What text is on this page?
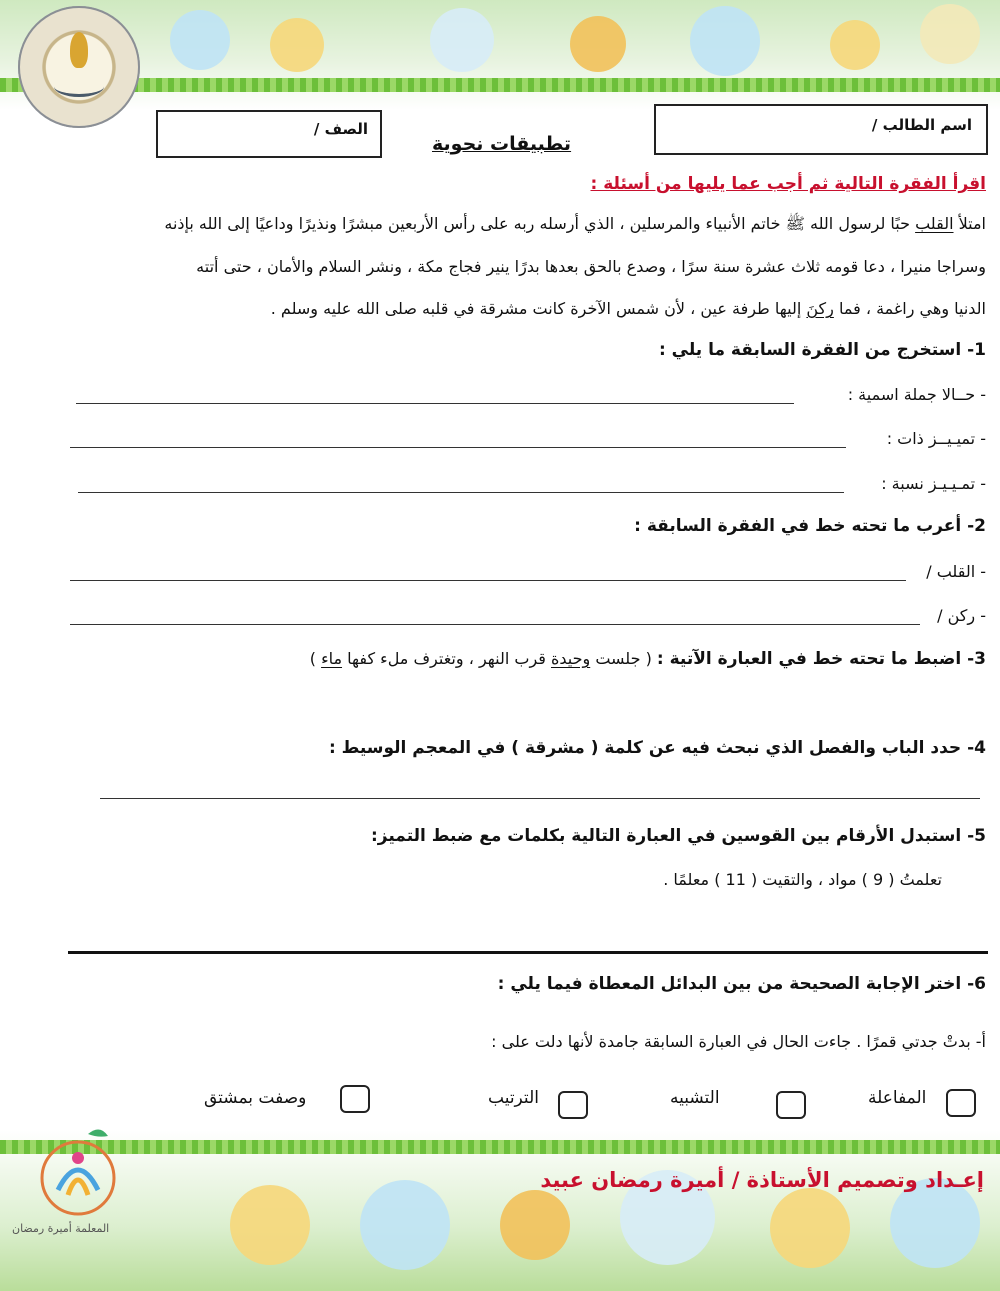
اسم الطالب /
الصف /
تطبيقات نحوية
اقرأ الفقرة التالية ثم أجب عما يليها من أسئلة :
امتلأ القلب حبًا لرسول الله ﷺ خاتم الأنبياء والمرسلين ، الذي أرسله ربه على رأس الأربعين مبشرًا ونذيرًا وداعيًا إلى الله بإذنه
وسراجا منيرا ، دعا قومه ثلاث عشرة سنة سرًا ، وصدع بالحق بعدها بدرًا ينير فجاج مكة ، ونشر السلام والأمان ، حتى أتته
الدنيا وهي راغمة ، فما ركنَ إليها طرفة عين ، لأن شمس الآخرة كانت مشرقة في قلبه صلى الله عليه وسلم .
1- استخرج من الفقرة السابقة ما يلي :
- حــالا جملة اسمية :
- تميـيــز ذات :
- تمـيـيـز نسبة :
2- أعرب ما تحته خط في الفقرة السابقة :
- القلب /
- ركن /
3- اضبط ما تحته خط في العبارة الآتية : ( جلست وحيدة قرب النهر ، وتغترف ملء كفها ماء )
4- حدد الباب والفصل الذي نبحث فيه عن كلمة ( مشرقة ) في المعجم الوسيط :
5- استبدل الأرقام بين القوسين في العبارة التالية بكلمات مع ضبط التميز:
تعلمتُ ( 9 ) مواد ، والتقيت ( 11 ) معلمًا .
6- اختر الإجابة الصحيحة من بين البدائل المعطاة فيما يلي :
أ- بدتْ جدتي قمرًا . جاءت الحال في العبارة السابقة جامدة لأنها دلت على :
المفاعلة
التشبيه
الترتيب
وصفت بمشتق
المعلمة أميرة رمضان
إعـداد وتصميم الأستاذة / أميرة رمضان عبيد
